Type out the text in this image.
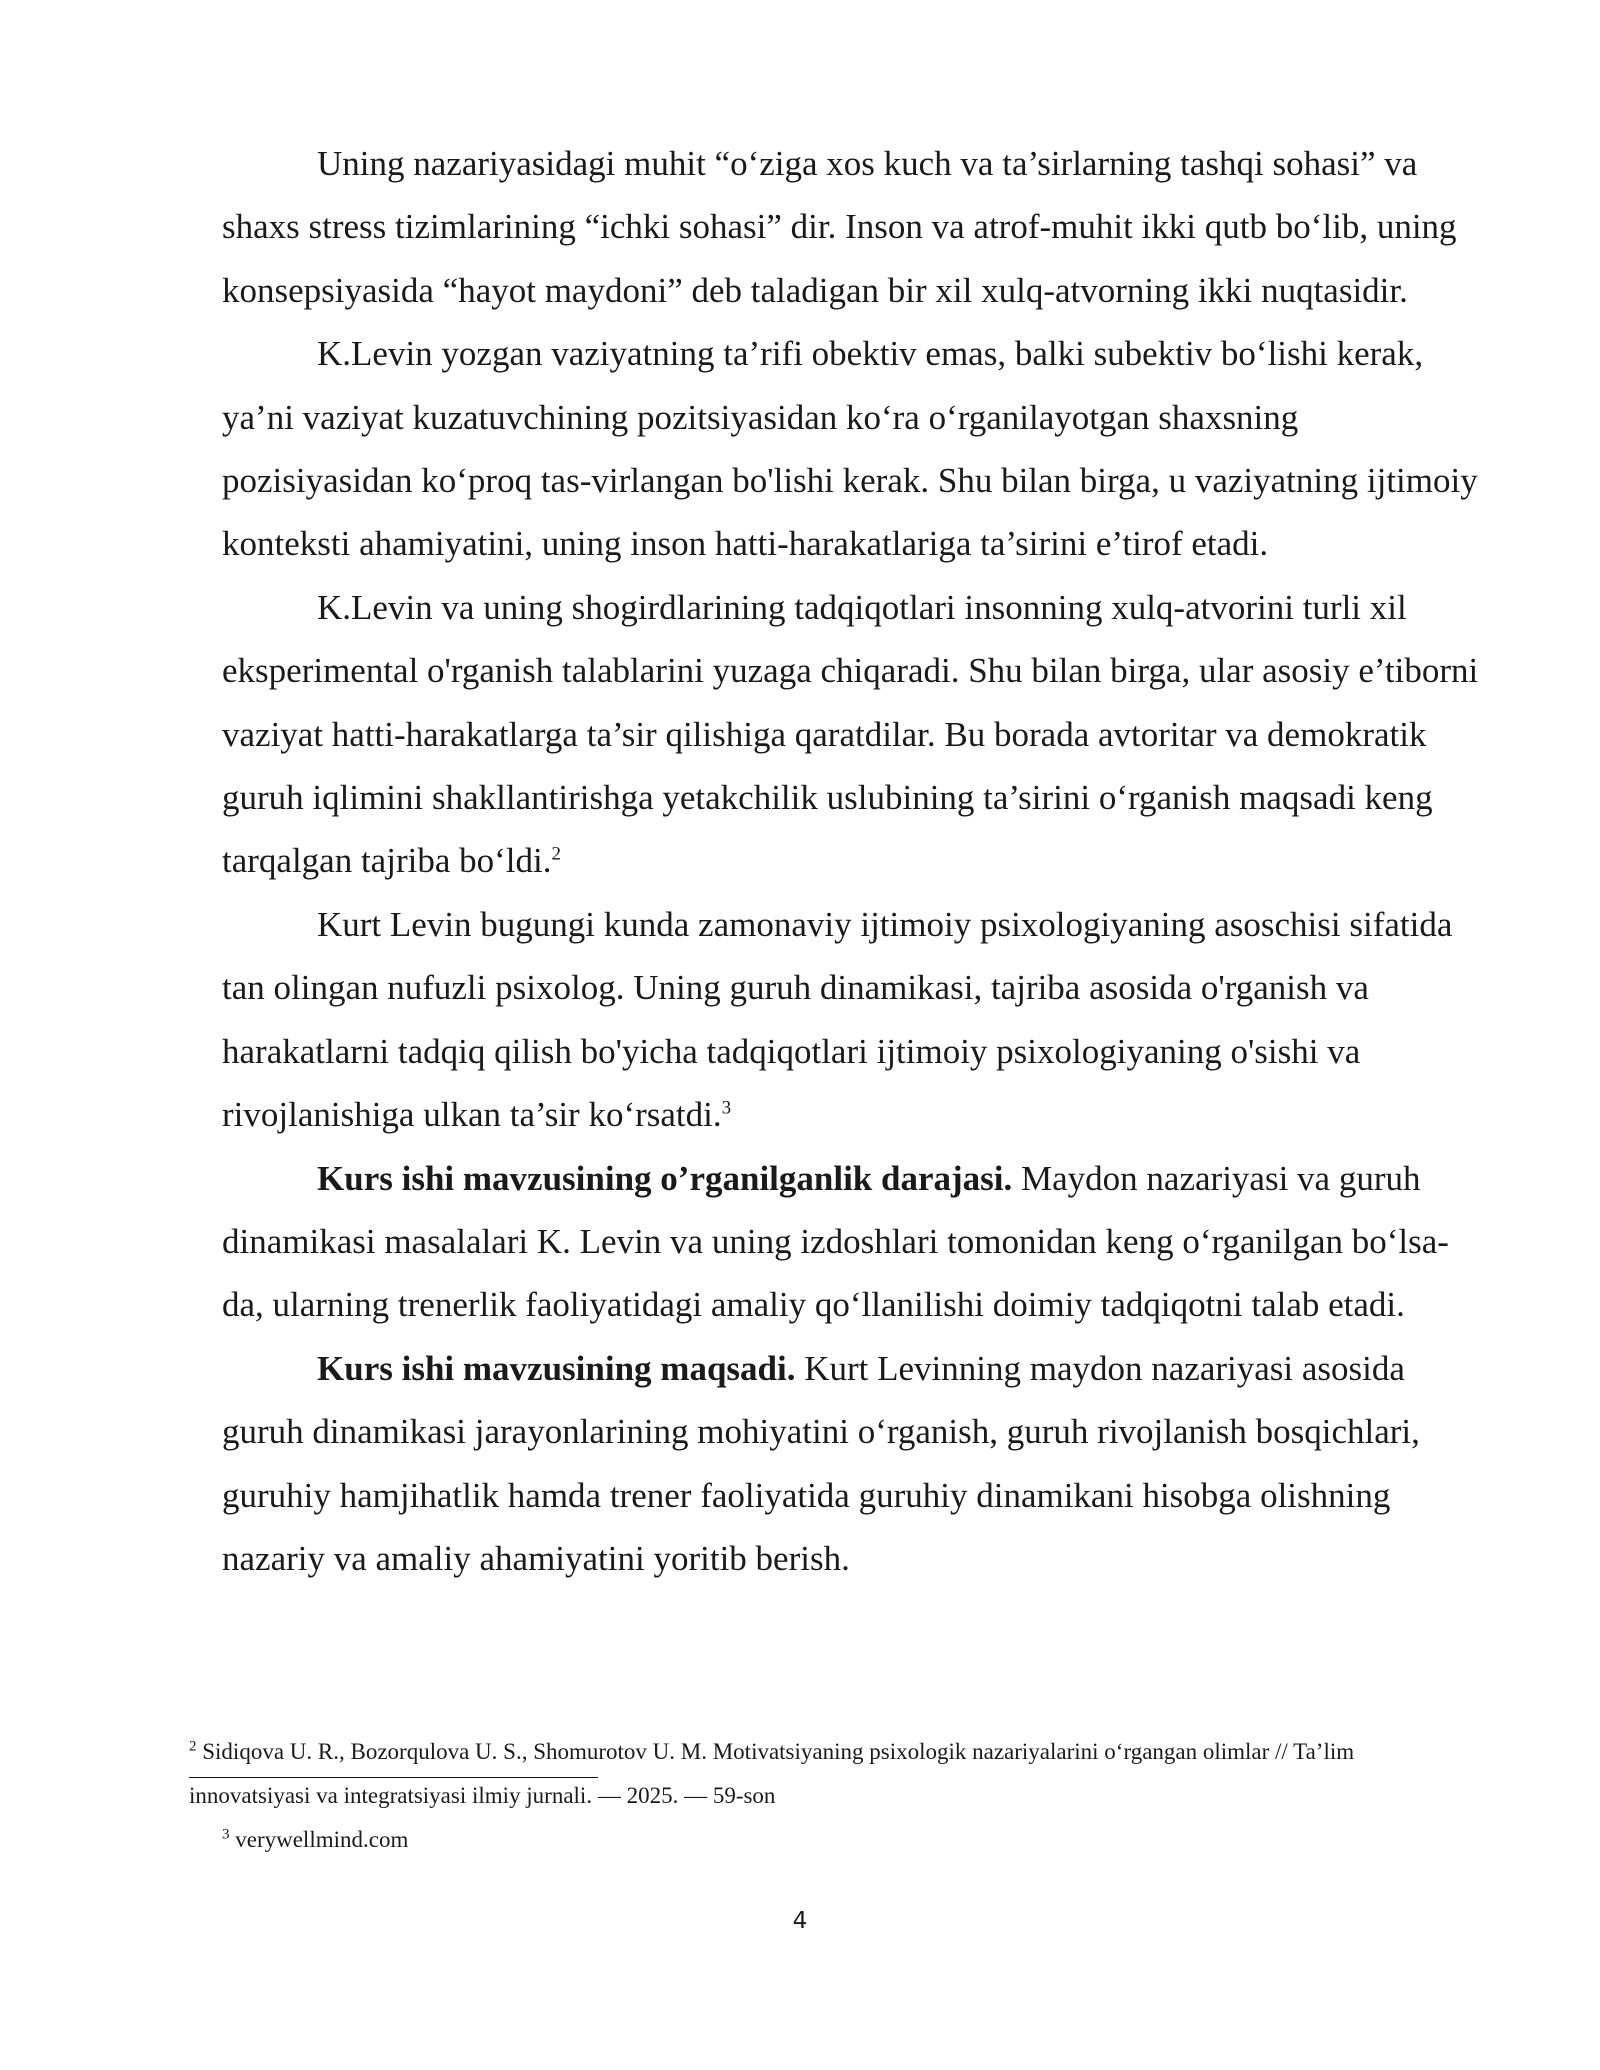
Uning nazariyasidagi muhit “o‘ziga xos kuch va ta’sirlarning tashqi sohasi” va shaxs stress tizimlarining “ichki sohasi” dir. Inson va atrof-muhit ikki qutb bo‘lib, uning konsepsiyasida “hayot maydoni” deb taladigan bir xil xulq-atvorning ikki nuqtasidir.

K.Levin yozgan vaziyatning ta’rifi obektiv emas, balki subektiv bo‘lishi kerak, ya’ni vaziyat kuzatuvchining pozitsiyasidan ko‘ra o‘rganilayotgan shaxsning pozisiyasidan ko‘proq tas-virlangan bo'lishi kerak. Shu bilan birga, u vaziyatning ijtimoiy konteksti ahamiyatini, uning inson hatti-harakatlariga ta’sirini e’tirof etadi.

K.Levin va uning shogirdlarining tadqiqotlari insonning xulq-atvorini turli xil eksperimental o'rganish talablarini yuzaga chiqaradi. Shu bilan birga, ular asosiy e’tiborni vaziyat hatti-harakatlarga ta’sir qilishiga qaratdilar. Bu borada avtoritar va demokratik guruh iqlimini shakllantirishga yetakchilik uslubining ta’sirini o‘rganish maqsadi keng tarqalgan tajriba bo‘ldi.$^2$

Kurt Levin bugungi kunda zamonaviy ijtimoiy psixologiyaning asoschisi sifatida tan olingan nufuzli psixolog. Uning guruh dinamikasi, tajriba asosida o'rganish va harakatlarni tadqiq qilish bo'yicha tadqiqotlari ijtimoiy psixologiyaning o'sishi va rivojlanishiga ulkan ta’sir ko‘rsatdi.$^3$

Kurs ishi mavzusining o’rganilganlik darajasi. Maydon nazariyasi va guruh dinamikasi masalalari K. Levin va uning izdoshlari tomonidan keng o‘rganilgan bo‘lsa-da, ularning trenerlik faoliyatidagi amaliy qo‘llanilishi doimiy tadqiqotni talab etadi.

Kurs ishi mavzusining maqsadi. Kurt Levinning maydon nazariyasi asosida guruh dinamikasi jarayonlarining mohiyatini o‘rganish, guruh rivojlanish bosqichlari, guruhiy hamjihatlik hamda trener faoliyatida guruhiy dinamikani hisobga olishning nazariy va amaliy ahamiyatini yoritib berish.

$^2$ Sidiqova U. R., Bozorqulova U. S., Shomurotov U. M. Motivatsiyaning psixologik nazariyalarini o‘rgangan olimlar // Ta’lim innovatsiyasi va integratsiyasi ilmiy jurnali. — 2025. — 59-son

$^3$ verywellmind.com

4
